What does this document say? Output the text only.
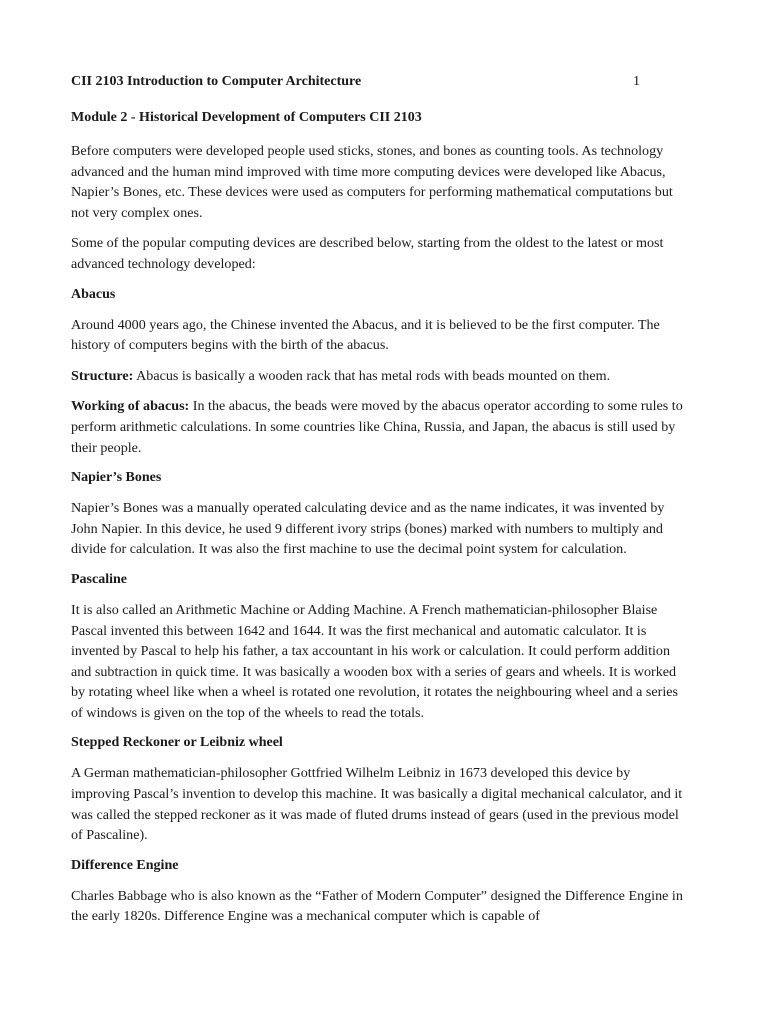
CII 2103 Introduction to Computer Architecture	1
Module 2 - Historical Development of Computers CII 2103

Before computers were developed people used sticks, stones, and bones as counting tools. As technology advanced and the human mind improved with time more computing devices were developed like Abacus, Napier’s Bones, etc. These devices were used as computers for performing mathematical computations but not very complex ones.

Some of the popular computing devices are described below, starting from the oldest to the latest or most advanced technology developed:

Abacus

Around 4000 years ago, the Chinese invented the Abacus, and it is believed to be the first computer. The history of computers begins with the birth of the abacus.

Structure: Abacus is basically a wooden rack that has metal rods with beads mounted on them.

Working of abacus: In the abacus, the beads were moved by the abacus operator according to some rules to perform arithmetic calculations. In some countries like China, Russia, and Japan, the abacus is still used by their people.

Napier’s Bones

Napier’s Bones was a manually operated calculating device and as the name indicates, it was invented by John Napier. In this device, he used 9 different ivory strips (bones) marked with numbers to multiply and divide for calculation. It was also the first machine to use the decimal point system for calculation.

Pascaline

It is also called an Arithmetic Machine or Adding Machine. A French mathematician-philosopher Blaise Pascal invented this between 1642 and 1644. It was the first mechanical and automatic calculator. It is invented by Pascal to help his father, a tax accountant in his work or calculation. It could perform addition and subtraction in quick time. It was basically a wooden box with a series of gears and wheels. It is worked by rotating wheel like when a wheel is rotated one revolution, it rotates the neighbouring wheel and a series of windows is given on the top of the wheels to read the totals.

Stepped Reckoner or Leibniz wheel

A German mathematician-philosopher Gottfried Wilhelm Leibniz in 1673 developed this device by improving Pascal’s invention to develop this machine. It was basically a digital mechanical calculator, and it was called the stepped reckoner as it was made of fluted drums instead of gears (used in the previous model of Pascaline).

Difference Engine

Charles Babbage who is also known as the “Father of Modern Computer” designed the Difference Engine in the early 1820s. Difference Engine was a mechanical computer which is capable of
